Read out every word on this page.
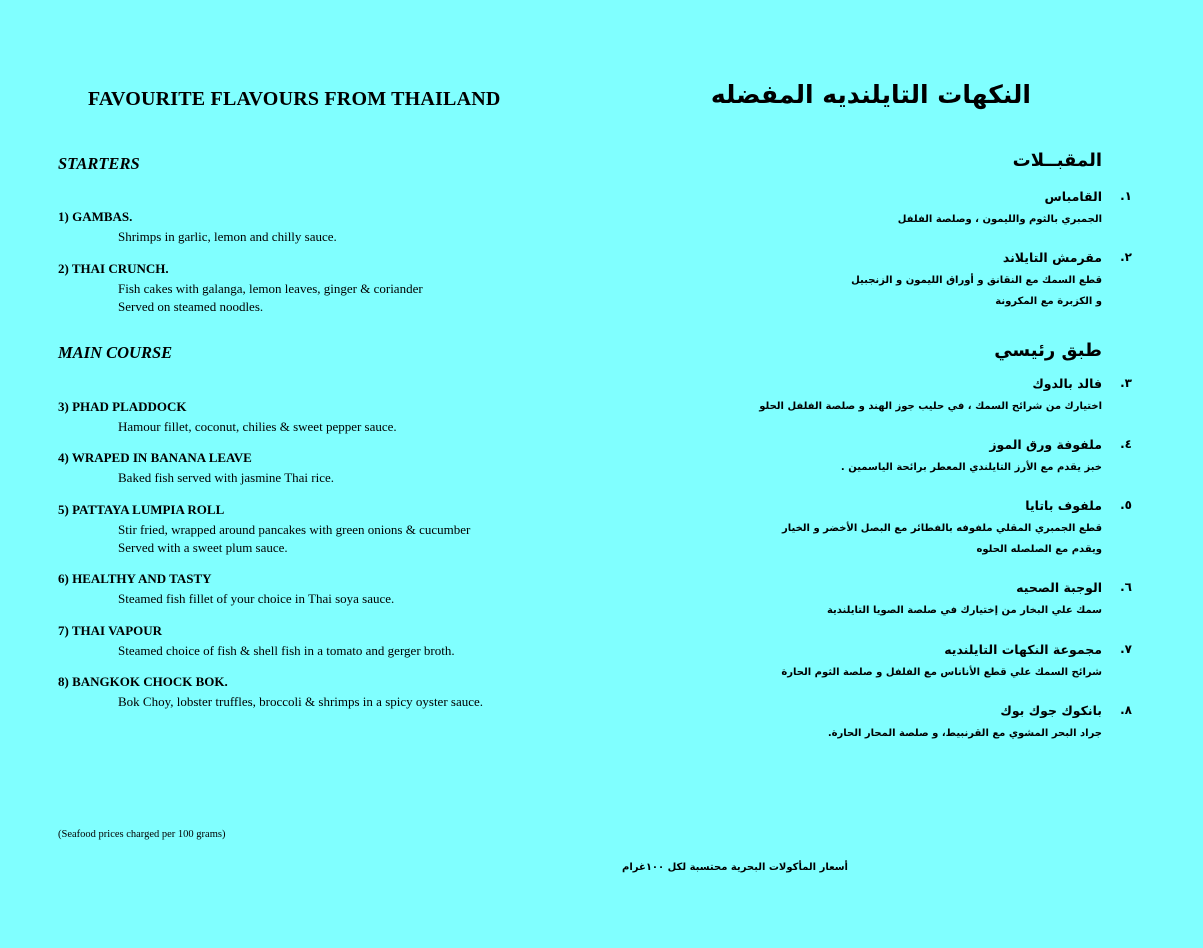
FAVOURITE FLAVOURS FROM THAILAND
STARTERS
1) GAMBAS.
Shrimps in garlic, lemon and chilly sauce.
2) THAI CRUNCH.
Fish cakes with galanga, lemon leaves, ginger & coriander
Served on steamed noodles.
MAIN COURSE
3) PHAD PLADDOCK
Hamour fillet, coconut, chilies & sweet pepper sauce.
4) WRAPED IN BANANA LEAVE
Baked fish served with jasmine Thai rice.
5) PATTAYA LUMPIA ROLL
Stir fried, wrapped around pancakes with green onions & cucumber
Served with a sweet plum sauce.
6) HEALTHY AND TASTY
Steamed fish fillet of your choice in Thai soya sauce.
7) THAI VAPOUR
Steamed choice of fish & shell fish in a tomato and gerger broth.
8) BANGKOK CHOCK BOK.
Bok Choy, lobster truffles, broccoli & shrimps in a spicy oyster sauce.
(Seafood prices charged per 100 grams)
النكهات التايلنديه المفضله
المقبــلات
١.
القامباس
الجمبري بالثوم والليمون ، وصلصة الفلفل
٢.
مقرمش التايلاند
قطع السمك مع النقانق و أوراق الليمون و الزنجبيل
و الكزبرة مع المكرونة
طبق رئيسي
٣.
فالد بالدوك
اختيارك من شرائح السمك ، في حليب جوز الهند و صلصة الفلفل الحلو
٤.
ملفوفة ورق الموز
خبز يقدم مع الأرز التايلندي المعطر برائحة الياسمين .
٥.
ملفوف باتايا
قطع الجمبري المقلي ملفوفه بالفطائر مع البصل الأخضر و الخيار
ويقدم مع الصلصله الحلوه
٦.
الوجبة الصحيه
سمك علي البخار من إختيارك في صلصة الصويا التايلندية
٧.
مجموعة النكهات التايلنديه
شرائح السمك علي قطع الأناناس مع الفلفل و صلصة الثوم الحارة
٨.
بانكوك جوك بوك
جراد البحر المشوي مع القرنبيط، و صلصة المحار الحارة.
أسعار المأكولات البحرية محتسبة لكل ١٠٠غرام
